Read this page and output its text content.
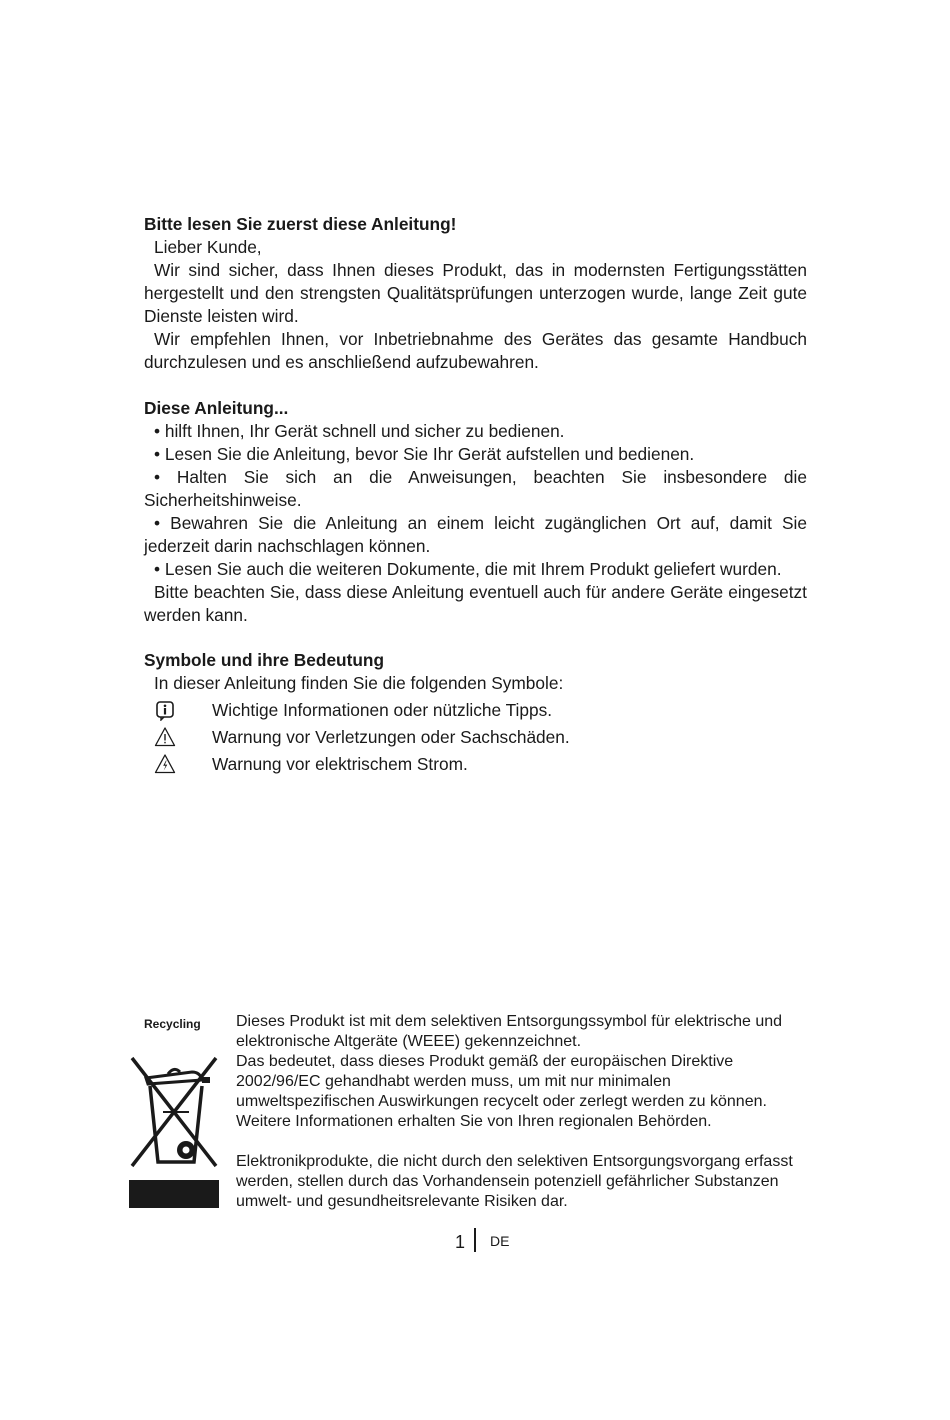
Bitte lesen Sie zuerst diese Anleitung!
Lieber Kunde,
Wir sind sicher, dass Ihnen dieses Produkt, das in modernsten Fertigungsstätten hergestellt und den strengsten Qualitätsprüfungen unterzogen wurde, lange Zeit gute Dienste leisten wird.
Wir empfehlen Ihnen, vor Inbetriebnahme des Gerätes das gesamte Handbuch durchzulesen und es anschließend aufzubewahren.
Diese Anleitung...
• hilft Ihnen, Ihr Gerät schnell und sicher zu bedienen.
• Lesen Sie die Anleitung, bevor Sie Ihr Gerät aufstellen und bedienen.
• Halten Sie sich an die Anweisungen, beachten Sie insbesondere die Sicherheitshinweise.
• Bewahren Sie die Anleitung an einem leicht zugänglichen Ort auf, damit Sie jederzeit darin nachschlagen können.
• Lesen Sie auch die weiteren Dokumente, die mit Ihrem Produkt geliefert wurden.
Bitte beachten Sie, dass diese Anleitung eventuell auch für andere Geräte eingesetzt werden kann.
Symbole und ihre Bedeutung
In dieser Anleitung finden Sie die folgenden Symbole:
Wichtige Informationen oder nützliche Tipps.
Warnung vor Verletzungen oder Sachschäden.
Warnung vor elektrischem Strom.
Recycling Dieses Produkt ist mit dem selektiven Entsorgungssymbol für elektrische und elektronische Altgeräte (WEEE) gekennzeichnet.
Das bedeutet, dass dieses Produkt gemäß der europäischen Direktive 2002/96/EC gehandhabt werden muss, um mit nur minimalen umweltspezifischen Auswirkungen recycelt oder zerlegt werden zu können. Weitere Informationen erhalten Sie von Ihren regionalen Behörden.
Elektronikprodukte, die nicht durch den selektiven Entsorgungsvorgang erfasst werden, stellen durch das Vorhandensein potenziell gefährlicher Substanzen umwelt- und gesundheitsrelevante Risiken dar.
1 DE
